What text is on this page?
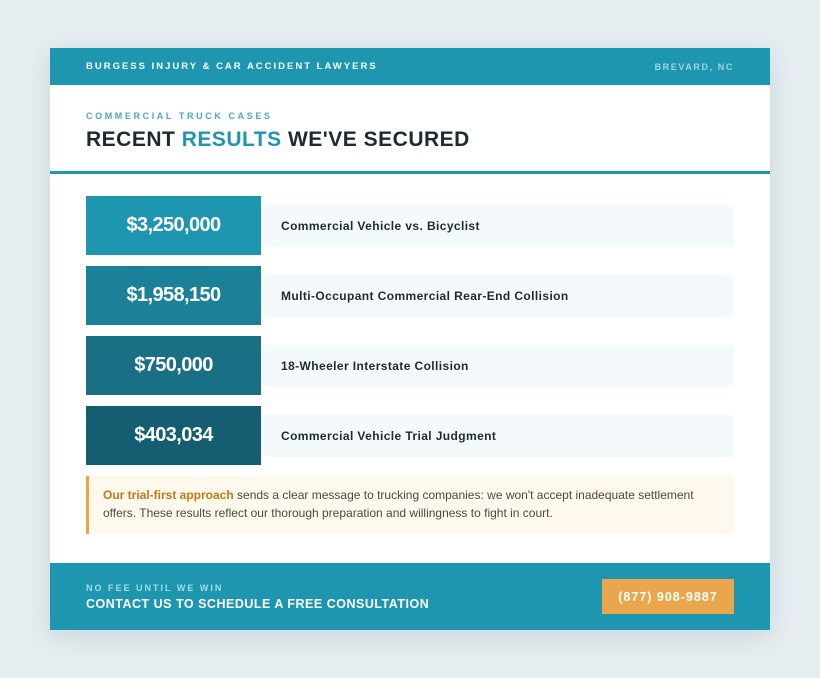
BURGESS INJURY & CAR ACCIDENT LAWYERS	BREVARD, NC
COMMERCIAL TRUCK CASES
RECENT RESULTS WE'VE SECURED
$3,250,000	Commercial Vehicle vs. Bicyclist
$1,958,150	Multi-Occupant Commercial Rear-End Collision
$750,000	18-Wheeler Interstate Collision
$403,034	Commercial Vehicle Trial Judgment
Our trial-first approach sends a clear message to trucking companies: we won't accept inadequate settlement offers. These results reflect our thorough preparation and willingness to fight in court.
NO FEE UNTIL WE WIN
CONTACT US TO SCHEDULE A FREE CONSULTATION	(877) 908-9887
